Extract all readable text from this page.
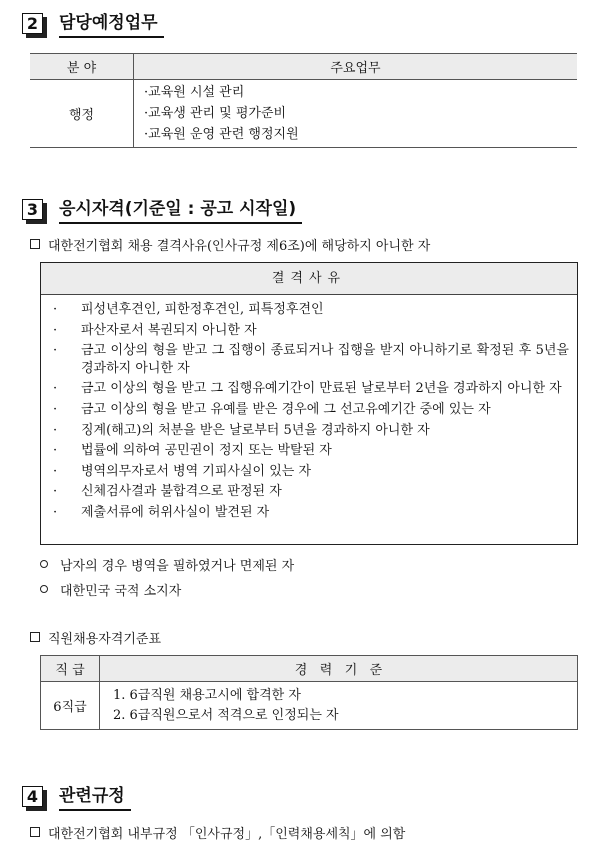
2 담당예정업무
분 야	주요업무
행정	·교육원 시설 관리
·교육생 관리 및 평가준비
·교육원 운영 관련 행정지원
3 응시자격(기준일 : 공고 시작일)
대한전기협회 채용 결격사유(인사규정 제6조)에 해당하지 아니한 자
결격사유
·	피성년후견인, 피한정후견인, 피특정후견인
·	파산자로서 복권되지 아니한 자
·	금고 이상의 형을 받고 그 집행이 종료되거나 집행을 받지 아니하기로 확정된 후 5년을 경과하지 아니한 자
·	금고 이상의 형을 받고 그 집행유예기간이 만료된 날로부터 2년을 경과하지 아니한 자
·	금고 이상의 형을 받고 유예를 받은 경우에 그 선고유예기간 중에 있는 자
·	징계(해고)의 처분을 받은 날로부터 5년을 경과하지 아니한 자
·	법률에 의하여 공민권이 정지 또는 박탈된 자
·	병역의무자로서 병역 기피사실이 있는 자
·	신체검사결과 불합격으로 판정된 자
·	제출서류에 허위사실이 발견된 자
남자의 경우 병역을 필하였거나 면제된 자
대한민국 국적 소지자
직원채용자격기준표
직 급	경   력   기   준
6직급	1. 6급직원 채용고시에 합격한 자
2. 6급직원으로서 적격으로 인정되는 자
4 관련규정
대한전기협회 내부규정 「인사규정」,「인력채용세칙」에 의함
